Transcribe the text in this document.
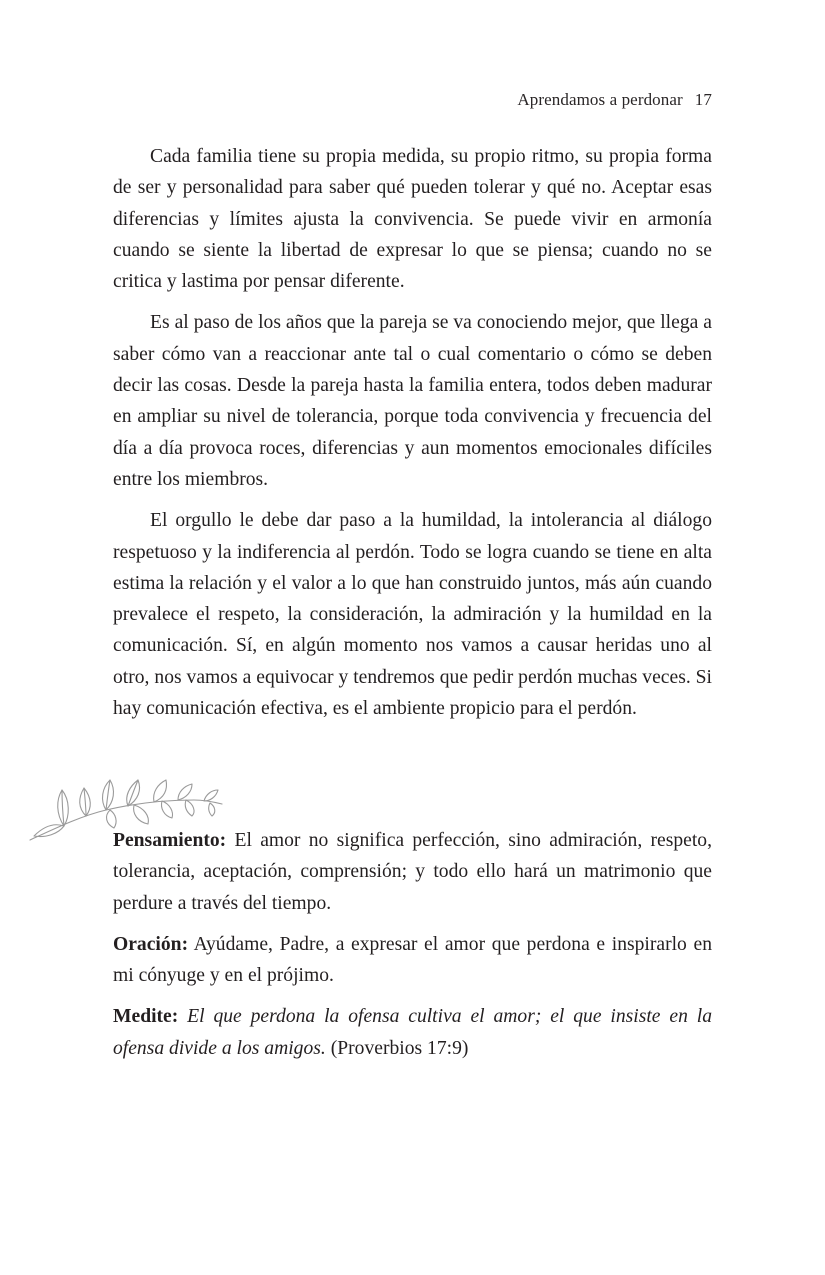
Aprendamos a perdonar 17

Cada familia tiene su propia medida, su propio ritmo, su propia forma de ser y personalidad para saber qué pueden tolerar y qué no. Aceptar esas diferencias y límites ajusta la convivencia. Se puede vivir en armonía cuando se siente la libertad de expresar lo que se piensa; cuando no se critica y lastima por pensar diferente.

Es al paso de los años que la pareja se va conociendo mejor, que llega a saber cómo van a reaccionar ante tal o cual comentario o cómo se deben decir las cosas. Desde la pareja hasta la familia entera, todos deben madurar en ampliar su nivel de tolerancia, porque toda convivencia y frecuencia del día a día provoca roces, diferencias y aun momentos emocionales difíciles entre los miembros.

El orgullo le debe dar paso a la humildad, la intolerancia al diálogo respetuoso y la indiferencia al perdón. Todo se logra cuando se tiene en alta estima la relación y el valor a lo que han construido juntos, más aún cuando prevalece el respeto, la consideración, la admiración y la humildad en la comunicación. Sí, en algún momento nos vamos a causar heridas uno al otro, nos vamos a equivocar y tendremos que pedir perdón muchas veces. Si hay comunicación efectiva, es el ambiente propicio para el perdón.

Pensamiento: El amor no significa perfección, sino admiración, respeto, tolerancia, aceptación, comprensión; y todo ello hará un matrimonio que perdure a través del tiempo.

Oración: Ayúdame, Padre, a expresar el amor que perdona e inspirarlo en mi cónyuge y en el prójimo.

Medite: El que perdona la ofensa cultiva el amor; el que insiste en la ofensa divide a los amigos. (Proverbios 17:9)
